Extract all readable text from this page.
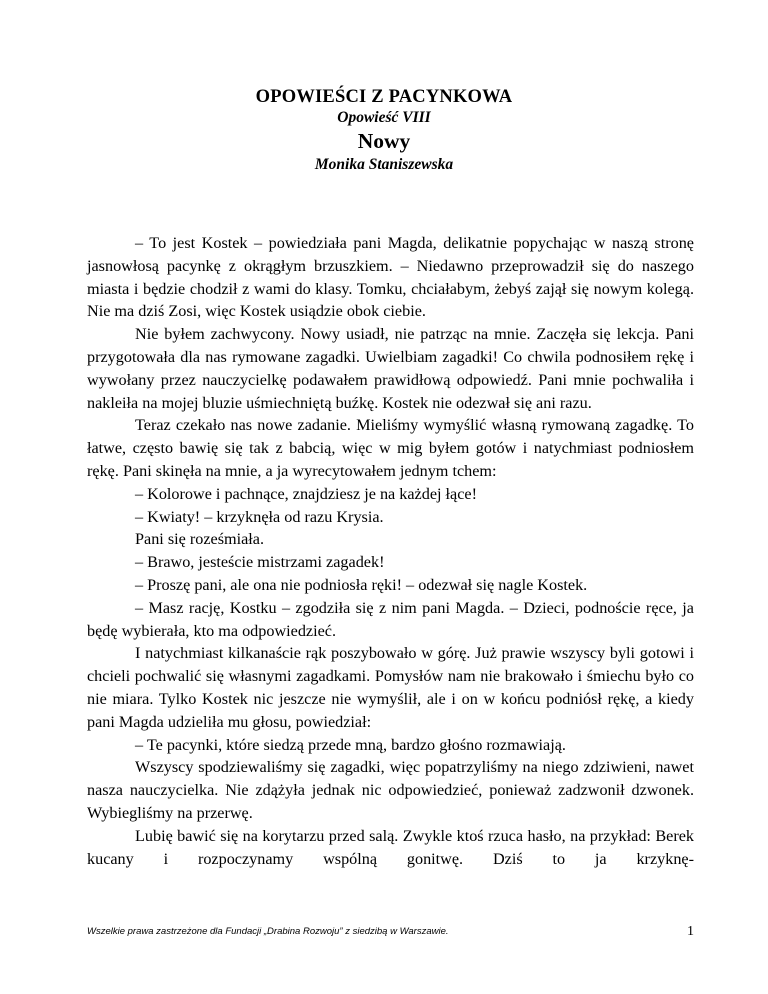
OPOWIEŚCI Z PACYNKOWA
Opowieść VIII
Nowy
Monika Staniszewska

– To jest Kostek – powiedziała pani Magda, delikatnie popychając w naszą stronę jasnowłosą pacynkę z okrągłym brzuszkiem. – Niedawno przeprowadził się do naszego miasta i będzie chodził z wami do klasy. Tomku, chciałabym, żebyś zajął się nowym kolegą. Nie ma dziś Zosi, więc Kostek usiądzie obok ciebie.

Nie byłem zachwycony. Nowy usiadł, nie patrząc na mnie. Zaczęła się lekcja. Pani przygotowała dla nas rymowane zagadki. Uwielbiam zagadki! Co chwila podnosiłem rękę i wywołany przez nauczycielkę podawałem prawidłową odpowiedź. Pani mnie pochwaliła i nakleiła na mojej bluzie uśmiechniętą buźkę. Kostek nie odezwał się ani razu.

Teraz czekało nas nowe zadanie. Mieliśmy wymyślić własną rymowaną zagadkę. To łatwe, często bawię się tak z babcią, więc w mig byłem gotów i natychmiast podniosłem rękę. Pani skinęła na mnie, a ja wyrecytowałem jednym tchem:

– Kolorowe i pachnące, znajdziesz je na każdej łące!

– Kwiaty! – krzyknęła od razu Krysia.

Pani się roześmiała.

– Brawo, jesteście mistrzami zagadek!

– Proszę pani, ale ona nie podniosła ręki! – odezwał się nagle Kostek.

– Masz rację, Kostku – zgodziła się z nim pani Magda. – Dzieci, podnoście ręce, ja będę wybierała, kto ma odpowiedzieć.

I natychmiast kilkanaście rąk poszybowało w górę. Już prawie wszyscy byli gotowi i chcieli pochwalić się własnymi zagadkami. Pomysłów nam nie brakowało i śmiechu było co nie miara. Tylko Kostek nic jeszcze nie wymyślił, ale i on w końcu podniósł rękę, a kiedy pani Magda udzieliła mu głosu, powiedział:

– Te pacynki, które siedzą przede mną, bardzo głośno rozmawiają.

Wszyscy spodziewaliśmy się zagadki, więc popatrzyliśmy na niego zdziwieni, nawet nasza nauczycielka. Nie zdążyła jednak nic odpowiedzieć, ponieważ zadzwonił dzwonek. Wybiegliśmy na przerwę.

Lubię bawić się na korytarzu przed salą. Zwykle ktoś rzuca hasło, na przykład: Berek kucany i rozpoczynamy wspólną gonitwę. Dziś to ja krzyknę-

Wszelkie prawa zastrzeżone dla Fundacji „Drabina Rozwoju” z siedzibą w Warszawie.	1
